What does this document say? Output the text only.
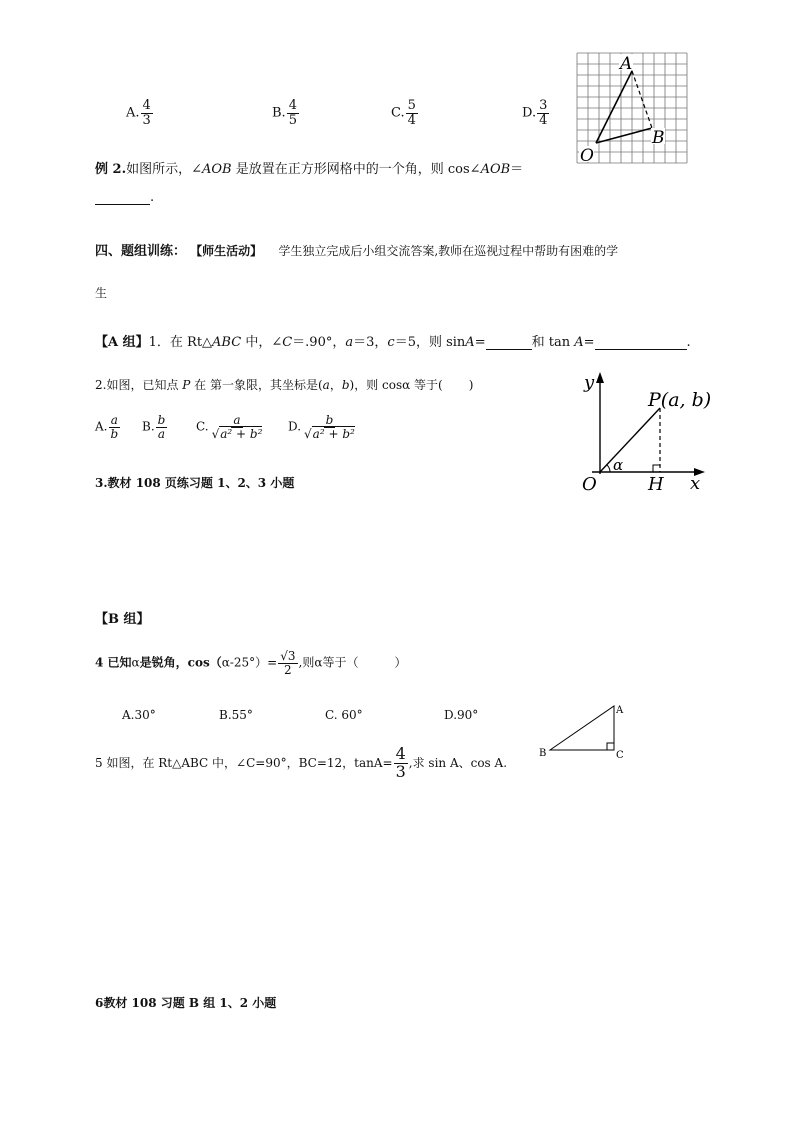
A. $\frac{4}{3}$	B. $\frac{4}{5}$	C. $\frac{5}{4}$	D. $\frac{3}{4}$
A
B
O
例 2.如图所示，∠AOB 是放置在正方形网格中的一个角，则 cos∠AOB＝
.
四、题组训练： 【师生活动】 学生独立完成后小组交流答案,教师在巡视过程中帮助有困难的学
生
【A 组】1．在 Rt△ABC 中，∠C＝.90°，a＝3，c＝5，则 sinA=	和 tan A=	.
2.如图，已知点 P 在 第一象限，其坐标是(a，b)，则 cosα 等于( )
A. $\frac{a}{b} B$. $\frac{b}{a} C$. $\frac{a}{\text{√a² + b²}} D$. $\frac{b}{\text{√a² + b²}}$
y
P(a, b)
α
O	H x
3.教材 108 页练习题 1、2、3 小题
【B 组】
4 已知α是锐角，$\cos(\alpha-25^\circ)= \frac{√3}{2}$ ,则α等于（	）
A.30°	B.55°	C. 60°	D.90°	A
B	C
5 如图，在 Rt△ABC 中，∠C=90°，BC=12，$\tan A= \frac{4}{3}$ ,求 sin A、cos A.
6教材 108 习题 B 组 1、2 小题
